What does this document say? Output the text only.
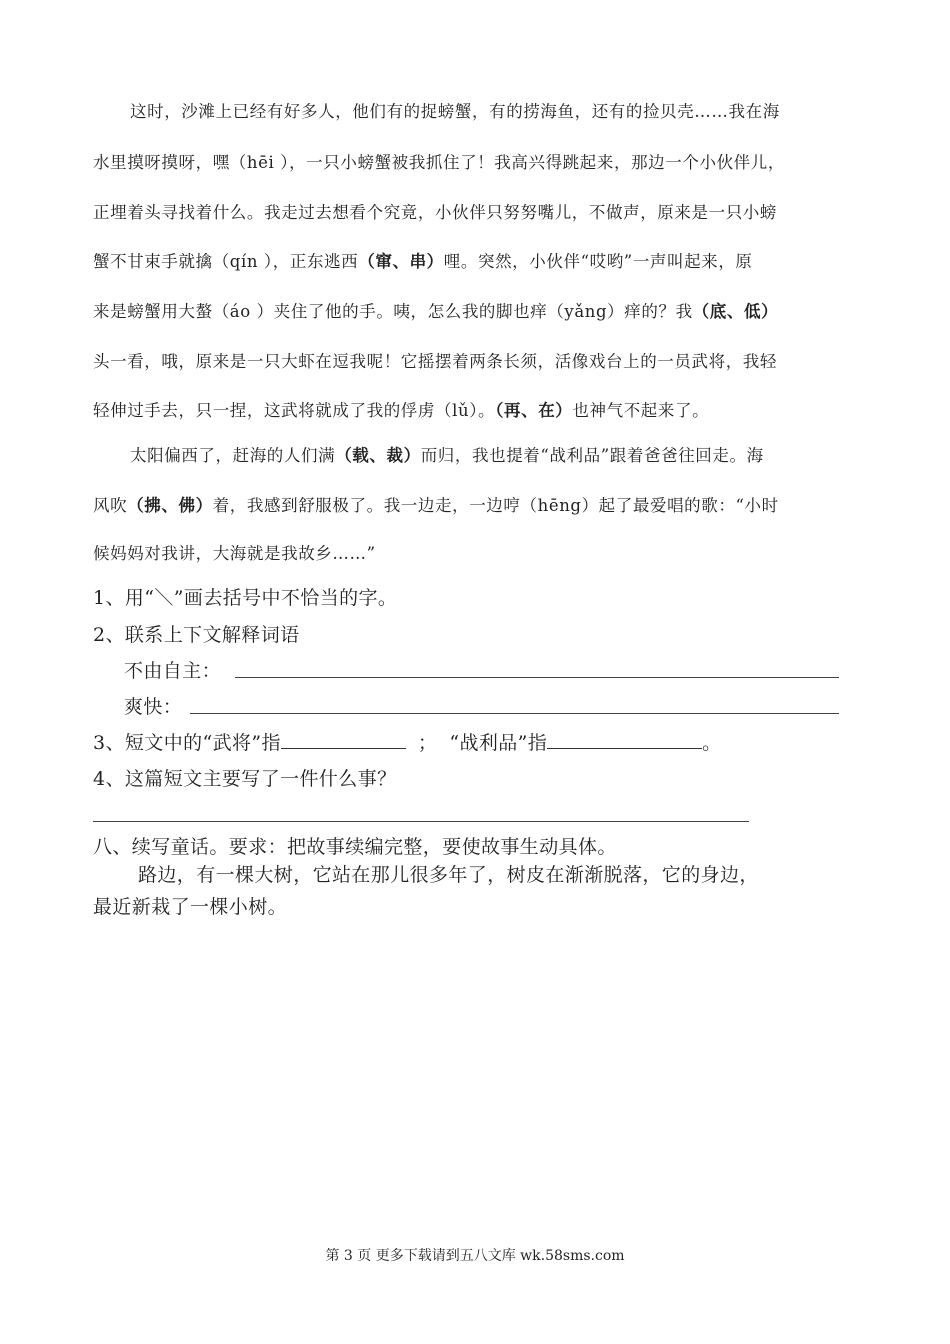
这时，沙滩上已经有好多人，他们有的捉螃蟹，有的捞海鱼，还有的捡贝壳……我在海
水里摸呀摸呀，嘿（hēi ），一只小螃蟹被我抓住了！我高兴得跳起来，那边一个小伙伴儿，
正埋着头寻找着什么。我走过去想看个究竟，小伙伴只努努嘴儿，不做声，原来是一只小螃
蟹不甘束手就擒（qín ），正东逃西（窜、串）哩。突然，小伙伴“哎哟”一声叫起来，原
来是螃蟹用大螯（áo ）夹住了他的手。咦，怎么我的脚也痒（yǎng）痒的？我（底、低）
头一看，哦，原来是一只大虾在逗我呢！它摇摆着两条长须，活像戏台上的一员武将，我轻
轻伸过手去，只一捏，这武将就成了我的俘虏（lǔ）。（再、在）也神气不起来了。
太阳偏西了，赶海的人们满（载、裁）而归，我也提着“战利品”跟着爸爸往回走。海
风吹（拂、佛）着，我感到舒服极了。我一边走，一边哼（hēng）起了最爱唱的歌：“小时
候妈妈对我讲，大海就是我故乡……”
1、用“＼”画去括号中不恰当的字。
2、联系上下文解释词语
不由自主：
爽快：
3、短文中的“武将”指	； “战利品”指	。
4、这篇短文主要写了一件什么事？
八、续写童话。要求：把故事续编完整，要使故事生动具体。
路边，有一棵大树，它站在那儿很多年了，树皮在渐渐脱落，它的身边，
最近新栽了一棵小树。
第 3 页 更多下载请到五八文库 wk.58sms.com
